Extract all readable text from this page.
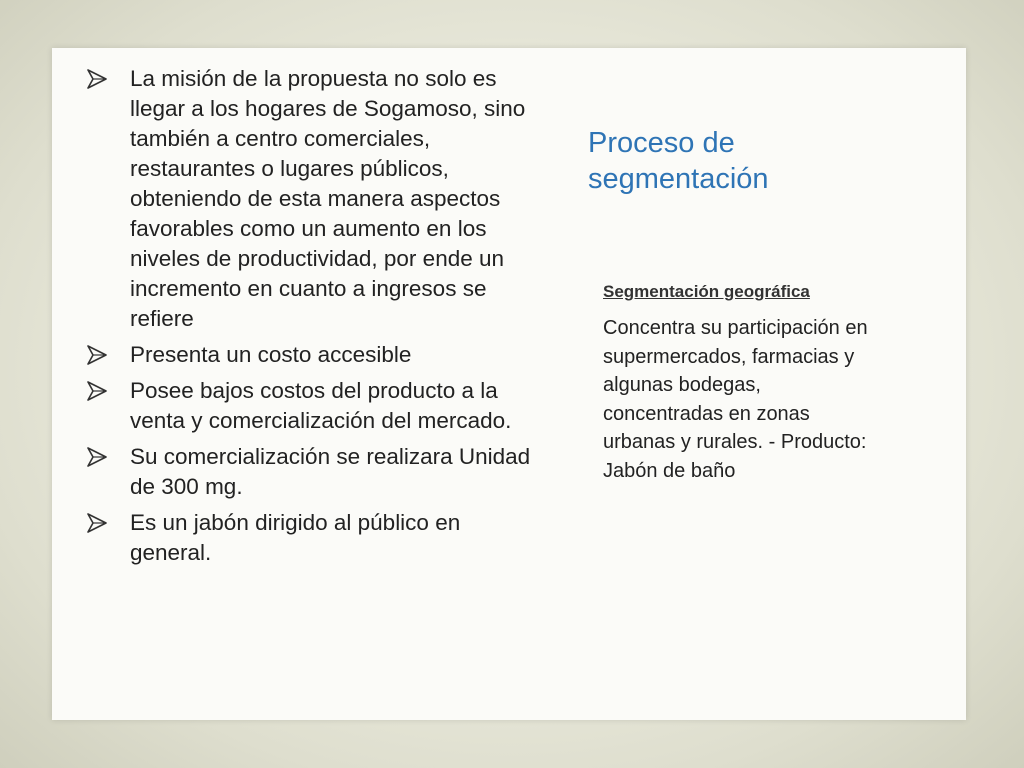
La misión de la propuesta no solo es llegar a los hogares de Sogamoso, sino también a centro comerciales, restaurantes o lugares públicos, obteniendo de esta manera aspectos favorables como un aumento en los niveles de productividad, por ende un incremento en cuanto a ingresos se refiere
Presenta un costo accesible
Posee bajos costos del producto a la venta y comercialización del mercado.
Su comercialización se realizara Unidad de 300 mg.
Es un jabón dirigido al público en general.
Proceso de segmentación

Segmentación geográfica

Concentra su participación en supermercados, farmacias y algunas bodegas, concentradas en zonas urbanas y rurales. - Producto: Jabón de baño
